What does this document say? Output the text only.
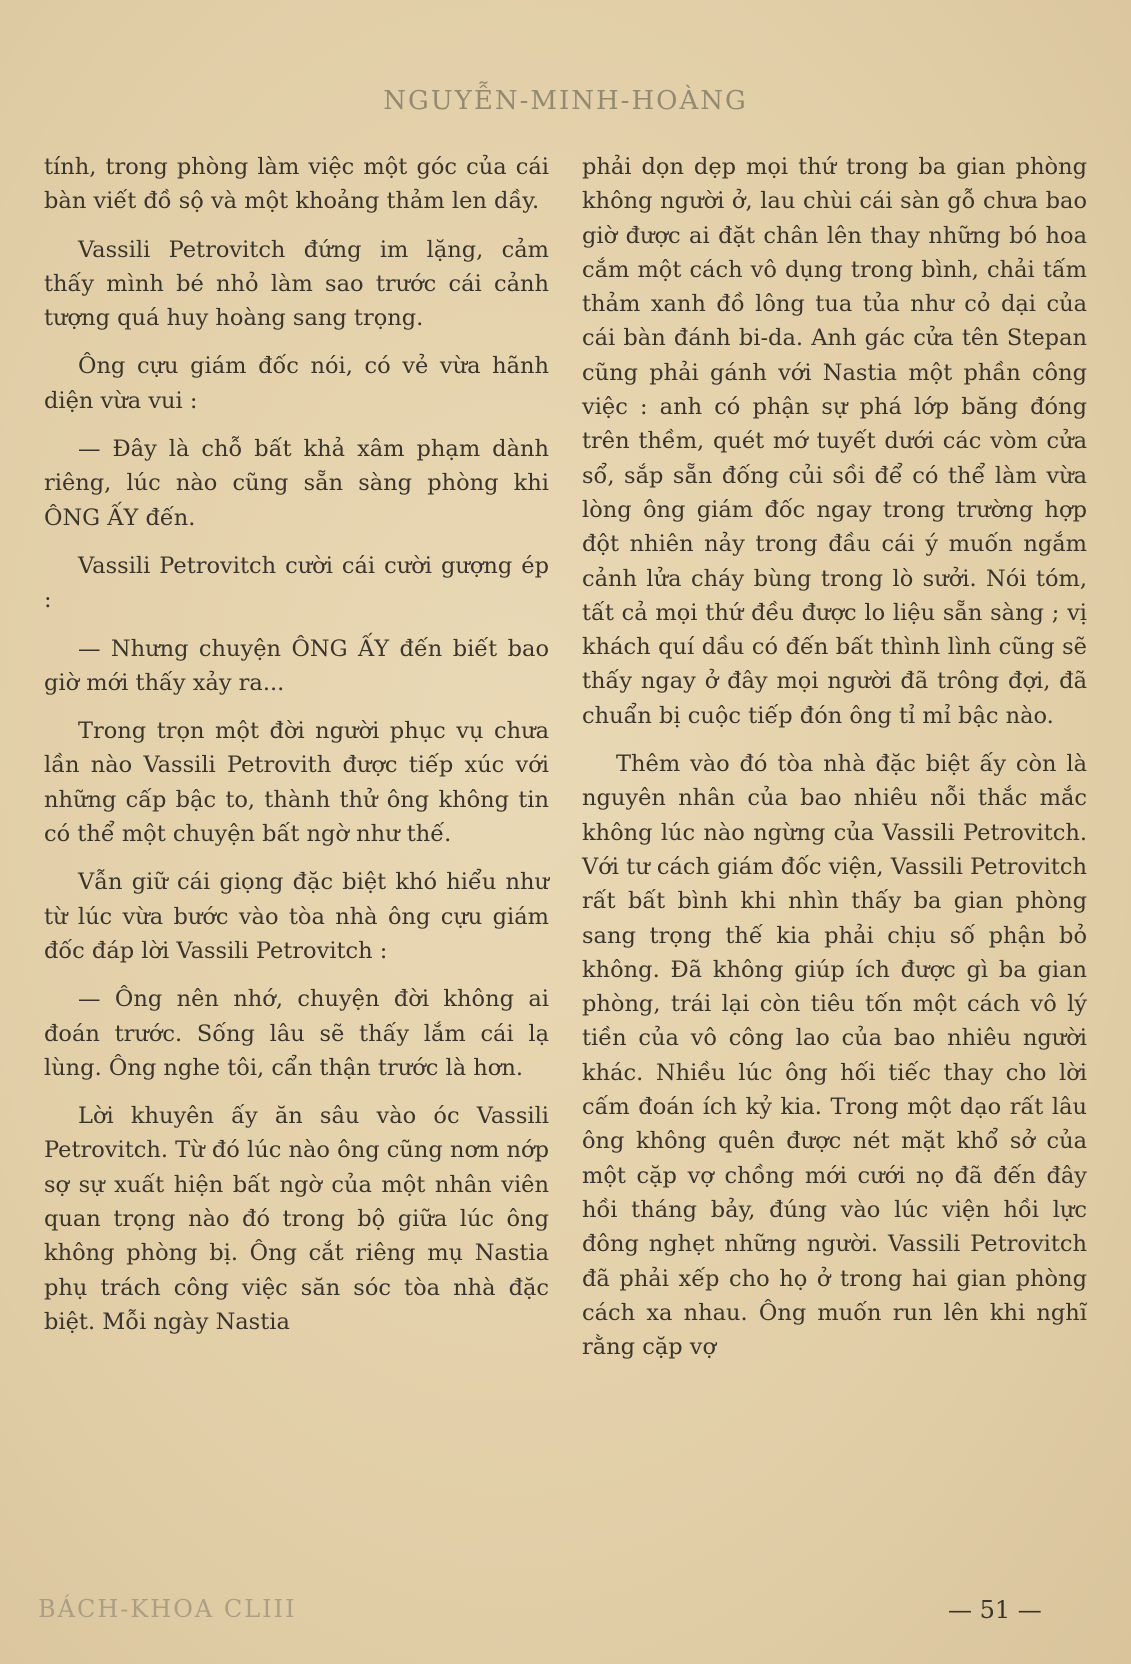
NGUYỄN-MINH-HOÀNG

tính, trong phòng làm việc một góc của cái bàn viết đồ sộ và một khoảng thảm len dầy.

Vassili Petrovitch đứng im lặng, cảm thấy mình bé nhỏ làm sao trước cái cảnh tượng quá huy hoàng sang trọng.

Ông cựu giám đốc nói, có vẻ vừa hãnh diện vừa vui :

— Đây là chỗ bất khả xâm phạm dành riêng, lúc nào cũng sẵn sàng phòng khi ÔNG ẤY đến.

Vassili Petrovitch cười cái cười gượng ép :

— Nhưng chuyện ÔNG ẤY đến biết bao giờ mới thấy xảy ra...

Trong trọn một đời người phục vụ chưa lần nào Vassili Petrovith được tiếp xúc với những cấp bậc to, thành thử ông không tin có thể một chuyện bất ngờ như thế.

Vẫn giữ cái giọng đặc biệt khó hiểu như từ lúc vừa bước vào tòa nhà ông cựu giám đốc đáp lời Vassili Petrovitch :

— Ông nên nhớ, chuyện đời không ai đoán trước. Sống lâu sẽ thấy lắm cái lạ lùng. Ông nghe tôi, cẩn thận trước là hơn.

Lời khuyên ấy ăn sâu vào óc Vassili Petrovitch. Từ đó lúc nào ông cũng nơm nớp sợ sự xuất hiện bất ngờ của một nhân viên quan trọng nào đó trong bộ giữa lúc ông không phòng bị. Ông cắt riêng mụ Nastia phụ trách công việc săn sóc tòa nhà đặc biệt. Mỗi ngày Nastia

phải dọn dẹp mọi thứ trong ba gian phòng không người ở, lau chùi cái sàn gỗ chưa bao giờ được ai đặt chân lên thay những bó hoa cắm một cách vô dụng trong bình, chải tấm thảm xanh đồ lông tua tủa như cỏ dại của cái bàn đánh bi-da. Anh gác cửa tên Stepan cũng phải gánh với Nastia một phần công việc : anh có phận sự phá lớp băng đóng trên thềm, quét mớ tuyết dưới các vòm cửa sổ, sắp sẵn đống củi sồi để có thể làm vừa lòng ông giám đốc ngay trong trường hợp đột nhiên nảy trong đầu cái ý muốn ngắm cảnh lửa cháy bùng trong lò sưởi. Nói tóm, tất cả mọi thứ đều được lo liệu sẵn sàng ; vị khách quí dầu có đến bất thình lình cũng sẽ thấy ngay ở đây mọi người đã trông đợi, đã chuẩn bị cuộc tiếp đón ông tỉ mỉ bậc nào.

Thêm vào đó tòa nhà đặc biệt ấy còn là nguyên nhân của bao nhiêu nỗi thắc mắc không lúc nào ngừng của Vassili Petrovitch. Với tư cách giám đốc viện, Vassili Petrovitch rất bất bình khi nhìn thấy ba gian phòng sang trọng thế kia phải chịu số phận bỏ không. Đã không giúp ích được gì ba gian phòng, trái lại còn tiêu tốn một cách vô lý tiền của vô công lao của bao nhiêu người khác. Nhiều lúc ông hối tiếc thay cho lời cấm đoán ích kỷ kia. Trong một dạo rất lâu ông không quên được nét mặt khổ sở của một cặp vợ chồng mới cưới nọ đã đến đây hồi tháng bảy, đúng vào lúc viện hồi lực đông nghẹt những người. Vassili Petrovitch đã phải xếp cho họ ở trong hai gian phòng cách xa nhau. Ông muốn run lên khi nghĩ rằng cặp vợ

BÁCH-KHOA CLIII	— 51 —
